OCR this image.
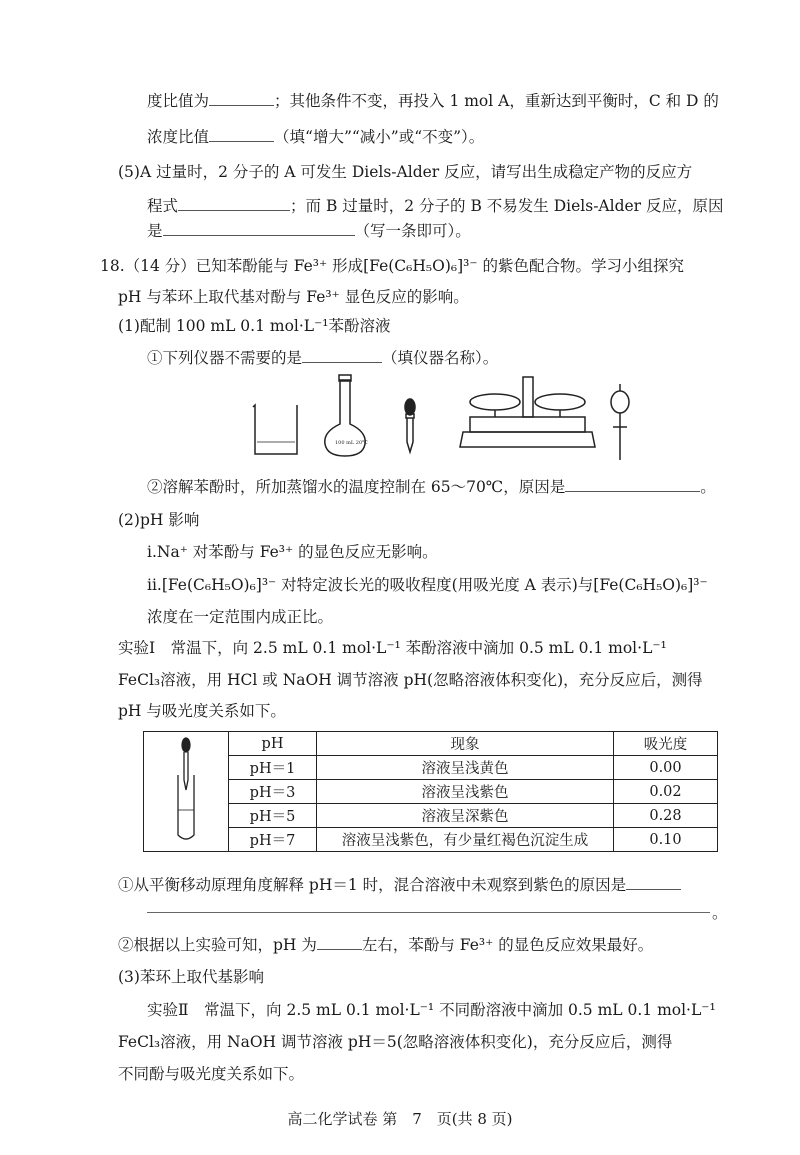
度比值为	；其他条件不变，再投入 1 mol A，重新达到平衡时，C 和 D 的
浓度比值	（填“增大”“减小”或“不变”）。
(5)A 过量时，2 分子的 A 可发生 Diels-Alder 反应，请写出生成稳定产物的反应方
程式	；而 B 过量时，2 分子的 B 不易发生 Diels-Alder 反应，原因
是	（写一条即可）。
18.（14 分）已知苯酚能与 Fe³⁺ 形成[Fe(C₆H₅O)₆]³⁻ 的紫色配合物。学习小组探究
pH 与苯环上取代基对酚与 Fe³⁺ 显色反应的影响。
(1)配制 100 mL 0.1 mol·L⁻¹苯酚溶液
①下列仪器不需要的是	（填仪器名称）。
100 mL 20℃
②溶解苯酚时，所加蒸馏水的温度控制在 65～70℃，原因是	。
(2)pH 影响
i.Na⁺ 对苯酚与 Fe³⁺ 的显色反应无影响。
ii.[Fe(C₆H₅O)₆]³⁻ 对特定波长光的吸收程度(用吸光度 A 表示)与[Fe(C₆H₅O)₆]³⁻
浓度在一定范围内成正比。
实验Ⅰ　常温下，向 2.5 mL 0.1 mol·L⁻¹ 苯酚溶液中滴加 0.5 mL 0.1 mol·L⁻¹
FeCl₃溶液，用 HCl 或 NaOH 调节溶液 pH(忽略溶液体积变化)，充分反应后，测得
pH 与吸光度关系如下。
	pH	现象	吸光度
	pH＝1	溶液呈浅黄色	0.00
	pH＝3	溶液呈浅紫色	0.02
	pH＝5	溶液呈深紫色	0.28
	pH＝7	溶液呈浅紫色，有少量红褐色沉淀生成	0.10
①从平衡移动原理角度解释 pH＝1 时，混合溶液中未观察到紫色的原因是
。
②根据以上实验可知，pH 为	左右，苯酚与 Fe³⁺ 的显色反应效果最好。
(3)苯环上取代基影响
实验Ⅱ　常温下，向 2.5 mL 0.1 mol·L⁻¹ 不同酚溶液中滴加 0.5 mL 0.1 mol·L⁻¹
FeCl₃溶液，用 NaOH 调节溶液 pH＝5(忽略溶液体积变化)，充分反应后，测得
不同酚与吸光度关系如下。
高二化学试卷 第　7　页(共 8 页)
